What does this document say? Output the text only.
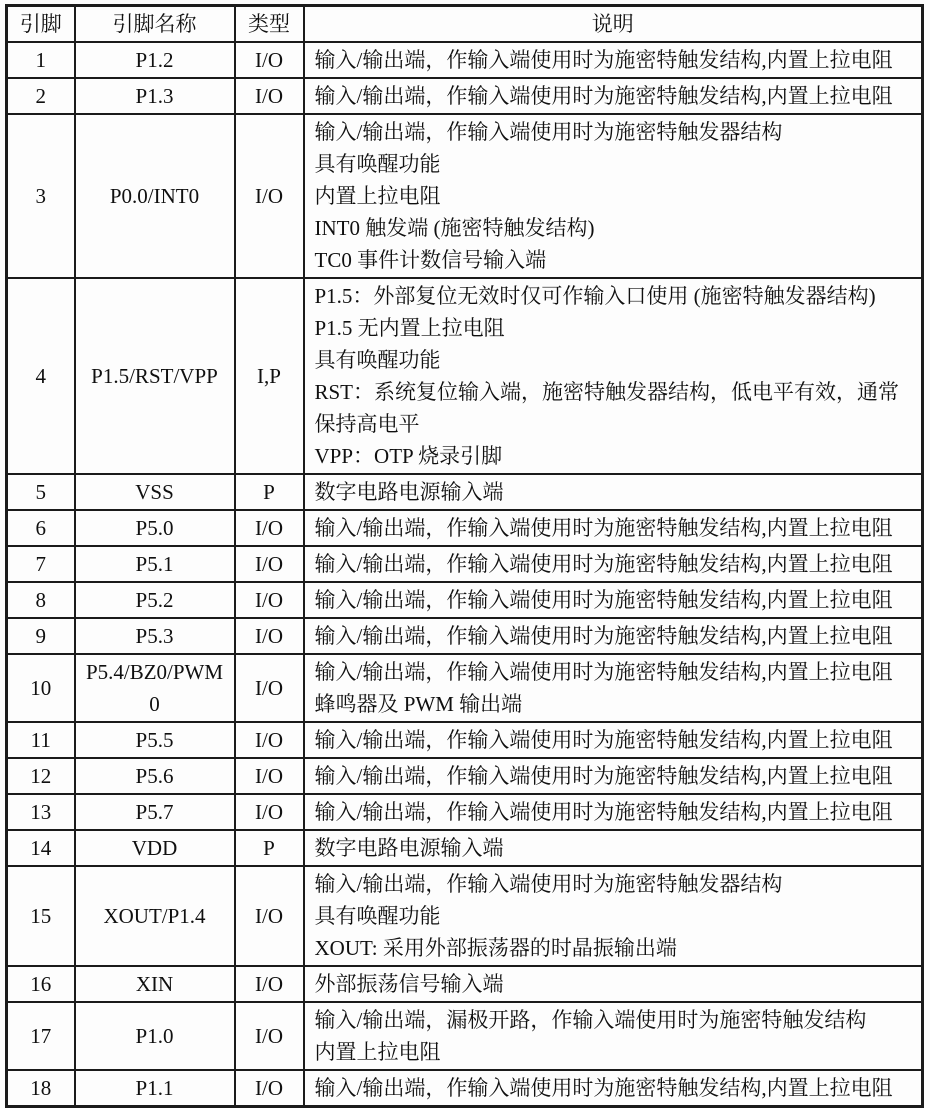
引脚	引脚名称	类型	说明
1	P1.2	I/O	输入/输出端，作输入端使用时为施密特触发结构,内置上拉电阻

2	P1.3	I/O	输入/输出端，作输入端使用时为施密特触发结构,内置上拉电阻

3	P0.0/INT0	I/O	输入/输出端，作输入端使用时为施密特触发器结构
具有唤醒功能
内置上拉电阻
INT0 触发端 (施密特触发结构)
TC0 事件计数信号输入端

4	P1.5/RST/VPP	I,P	P1.5：外部复位无效时仅可作输入口使用 (施密特触发器结构)
P1.5 无内置上拉电阻
具有唤醒功能
RST：系统复位输入端，施密特触发器结构，低电平有效，通常保持高电平
VPP：OTP 烧录引脚

5	VSS	P	数字电路电源输入端

6	P5.0	I/O	输入/输出端，作输入端使用时为施密特触发结构,内置上拉电阻

7	P5.1	I/O	输入/输出端，作输入端使用时为施密特触发结构,内置上拉电阻

8	P5.2	I/O	输入/输出端，作输入端使用时为施密特触发结构,内置上拉电阻

9	P5.3	I/O	输入/输出端，作输入端使用时为施密特触发结构,内置上拉电阻

10	P5.4/BZ0/PWM0	I/O	输入/输出端，作输入端使用时为施密特触发结构,内置上拉电阻
蜂鸣器及 PWM 输出端

11	P5.5	I/O	输入/输出端，作输入端使用时为施密特触发结构,内置上拉电阻

12	P5.6	I/O	输入/输出端，作输入端使用时为施密特触发结构,内置上拉电阻

13	P5.7	I/O	输入/输出端，作输入端使用时为施密特触发结构,内置上拉电阻

14	VDD	P	数字电路电源输入端

15	XOUT/P1.4	I/O	输入/输出端，作输入端使用时为施密特触发器结构
具有唤醒功能
XOUT: 采用外部振荡器的时晶振输出端

16	XIN	I/O	外部振荡信号输入端

17	P1.0	I/O	输入/输出端，漏极开路，作输入端使用时为施密特触发结构
内置上拉电阻

18	P1.1	I/O	输入/输出端，作输入端使用时为施密特触发结构,内置上拉电阻
